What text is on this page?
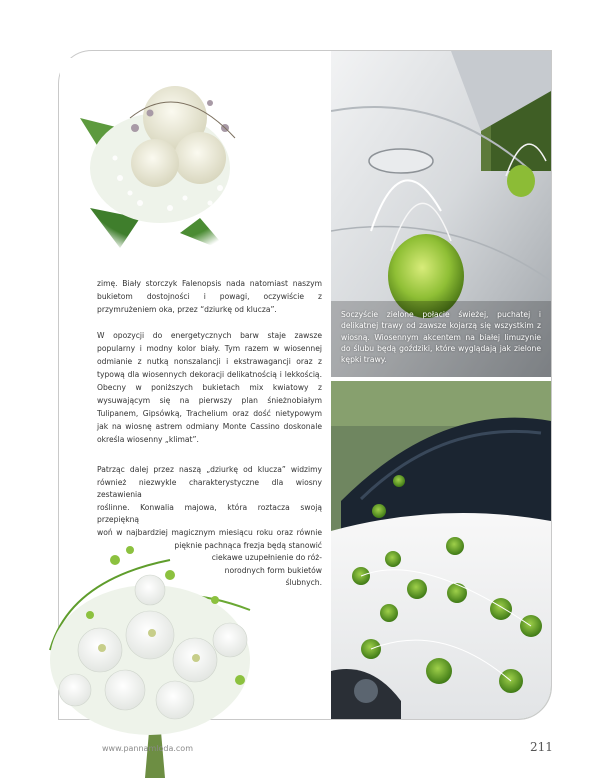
Soczyście zielone połacie świeżej, puchatej i delikatnej trawy od zawsze kojarzą się wszystkim z wiosną. Wiosennym akcentem na białej limuzynie do ślubu będą goździki, które wyglądają jak zielone kępki trawy.

zimę. Biały storczyk Falenopsis nada natomiast naszym bukietom dostojności i powagi, oczywiście z przymrużeniem oka, przez “dziurkę od klucza”.

W opozycji do energetycznych barw staje zawsze popularny i modny kolor biały. Tym razem w wiosennej odmianie z nutką nonszalancji i ekstrawagancji oraz z typową dla wiosennych dekoracji delikatnością i lekkością. Obecny w poniższych bukietach mix kwiatowy z wysuwającym się na pierwszy plan śnieżnobiałym Tulipanem, Gipsówką, Trachelium oraz dość nietypowym jak na wiosnę astrem odmiany Monte Cassino doskonale określa wiosenny „klimat”.

Patrząc dalej przez naszą „dziurkę od klucza” widzimy
również niezwykle charakterystyczne dla wiosny zestawienia
roślinne. Konwalia majowa, która roztacza swoją przepiękną
woń w najbardziej magicznym miesiącu roku oraz równie
pięknie pachnąca frezja będą stanowić
ciekawe uzupełnienie do róż-
norodnych form bukietów
ślubnych.
www.pannamloda.com	211
